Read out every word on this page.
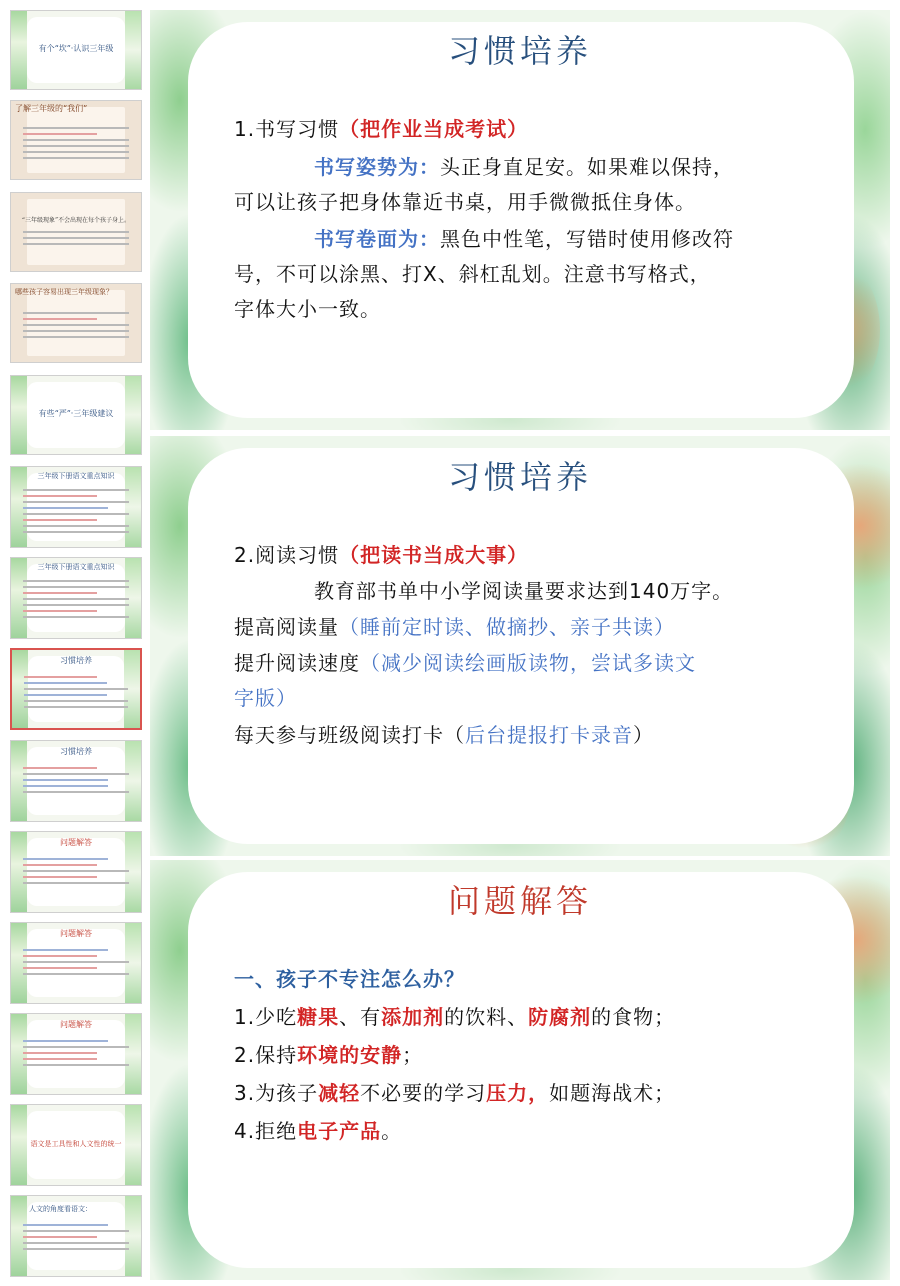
有个“坎”·认识三年级
了解三年级的“我们”
“三年级现象”不会出现在每个孩子身上。
哪些孩子容易出现三年级现象？
有些“严”·三年级建议
三年级下册语文重点知识
三年级下册语文重点知识
习惯培养
习惯培养
问题解答
问题解答
问题解答
语文是工具性和人文性的统一
人文的角度看语文：
习惯培养
1.书写习惯（把作业当成考试）
书写姿势为：头正身直足安。如果难以保持，
可以让孩子把身体靠近书桌，用手微微抵住身体。
书写卷面为：黑色中性笔，写错时使用修改符
号，不可以涂黑、打X、斜杠乱划。注意书写格式，
字体大小一致。
习惯培养
2.阅读习惯（把读书当成大事）
教育部书单中小学阅读量要求达到140万字。
提高阅读量（睡前定时读、做摘抄、亲子共读）
提升阅读速度（减少阅读绘画版读物，尝试多读文
字版）
每天参与班级阅读打卡（后台提报打卡录音）
问题解答
一、孩子不专注怎么办？
1.少吃糖果、有添加剂的饮料、防腐剂的食物；
2.保持环境的安静；
3.为孩子减轻不必要的学习压力，如题海战术；
4.拒绝电子产品。
